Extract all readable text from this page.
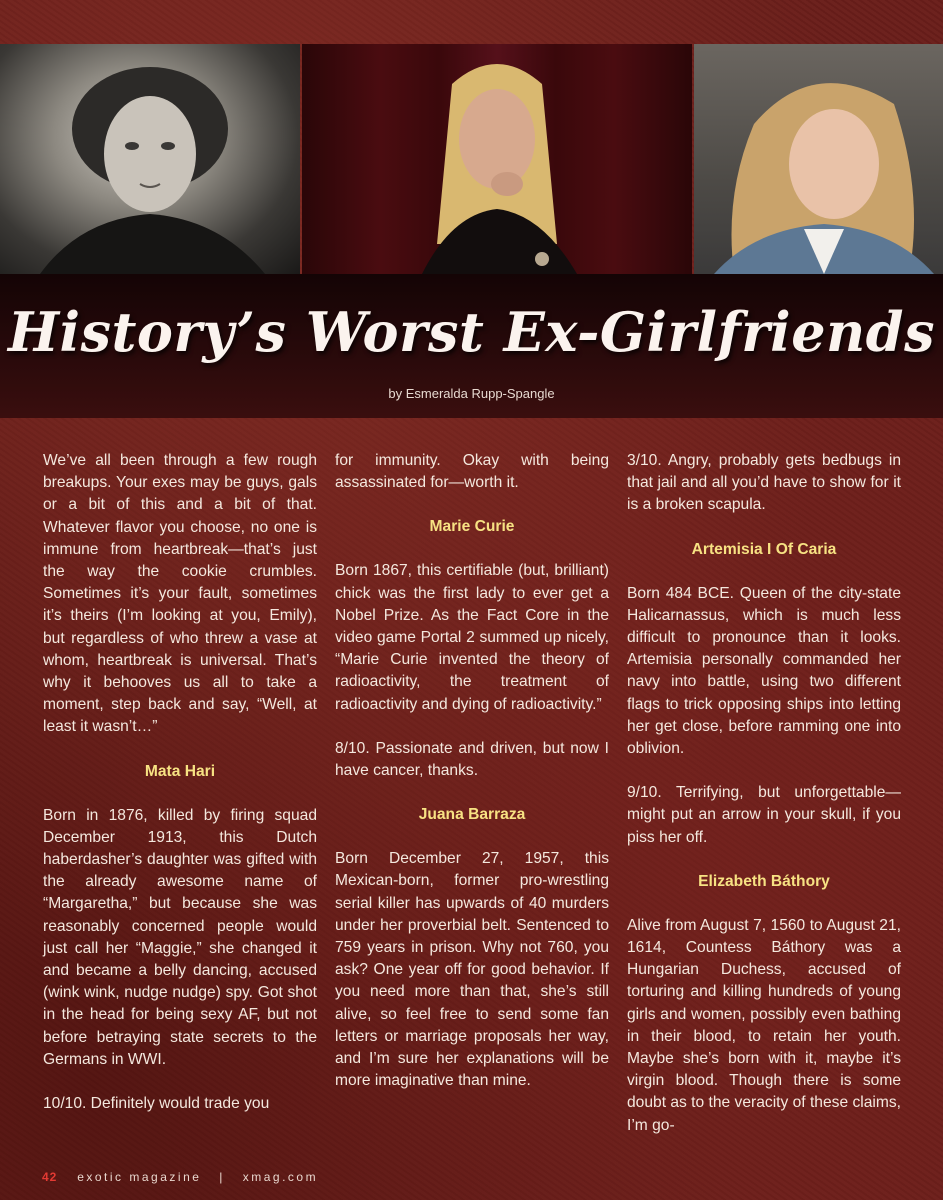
History’s Worst Ex-Girlfriends
by Esmeralda Rupp-Spangle

We’ve all been through a few rough breakups. Your exes may be guys, gals or a bit of this and a bit of that. Whatever flavor you choose, no one is immune from heartbreak—that’s just the way the cookie crumbles. Sometimes it’s your fault, sometimes it’s theirs (I’m looking at you, Emily), but regardless of who threw a vase at whom, heartbreak is universal. That’s why it behooves us all to take a moment, step back and say, “Well, at least it wasn’t…”

Mata Hari

Born in 1876, killed by firing squad December 1913, this Dutch haberdasher’s daughter was gifted with the already awesome name of “Margaretha,” but because she was reasonably concerned people would just call her “Maggie,” she changed it and became a belly dancing, accused (wink wink, nudge nudge) spy. Got shot in the head for being sexy AF, but not before betraying state secrets to the Germans in WWI.

10/10. Definitely would trade you

for immunity. Okay with being assassinated for—worth it.

Marie Curie

Born 1867, this certifiable (but, brilliant) chick was the first lady to ever get a Nobel Prize. As the Fact Core in the video game Portal 2 summed up nicely, “Marie Curie invented the theory of radioactivity, the treatment of radioactivity and dying of radioactivity.”

8/10. Passionate and driven, but now I have cancer, thanks.

Juana Barraza

Born December 27, 1957, this Mexican-born, former pro-wrestling serial killer has upwards of 40 murders under her proverbial belt. Sentenced to 759 years in prison. Why not 760, you ask? One year off for good behavior. If you need more than that, she’s still alive, so feel free to send some fan letters or marriage proposals her way, and I’m sure her explanations will be more imaginative than mine.

3/10. Angry, probably gets bedbugs in that jail and all you’d have to show for it is a broken scapula.

Artemisia I Of Caria

Born 484 BCE. Queen of the city-state Halicarnassus, which is much less difficult to pronounce than it looks. Artemisia personally commanded her navy into battle, using two different flags to trick opposing ships into letting her get close, before ramming one into oblivion.

9/10. Terrifying, but unforgettable—might put an arrow in your skull, if you piss her off.

Elizabeth Báthory

Alive from August 7, 1560 to August 21, 1614, Countess Báthory was a Hungarian Duchess, accused of torturing and killing hundreds of young girls and women, possibly even bathing in their blood, to retain her youth. Maybe she’s born with it, maybe it’s virgin blood. Though there is some doubt as to the veracity of these claims, I’m go-

42 exotic magazine | xmag.com
